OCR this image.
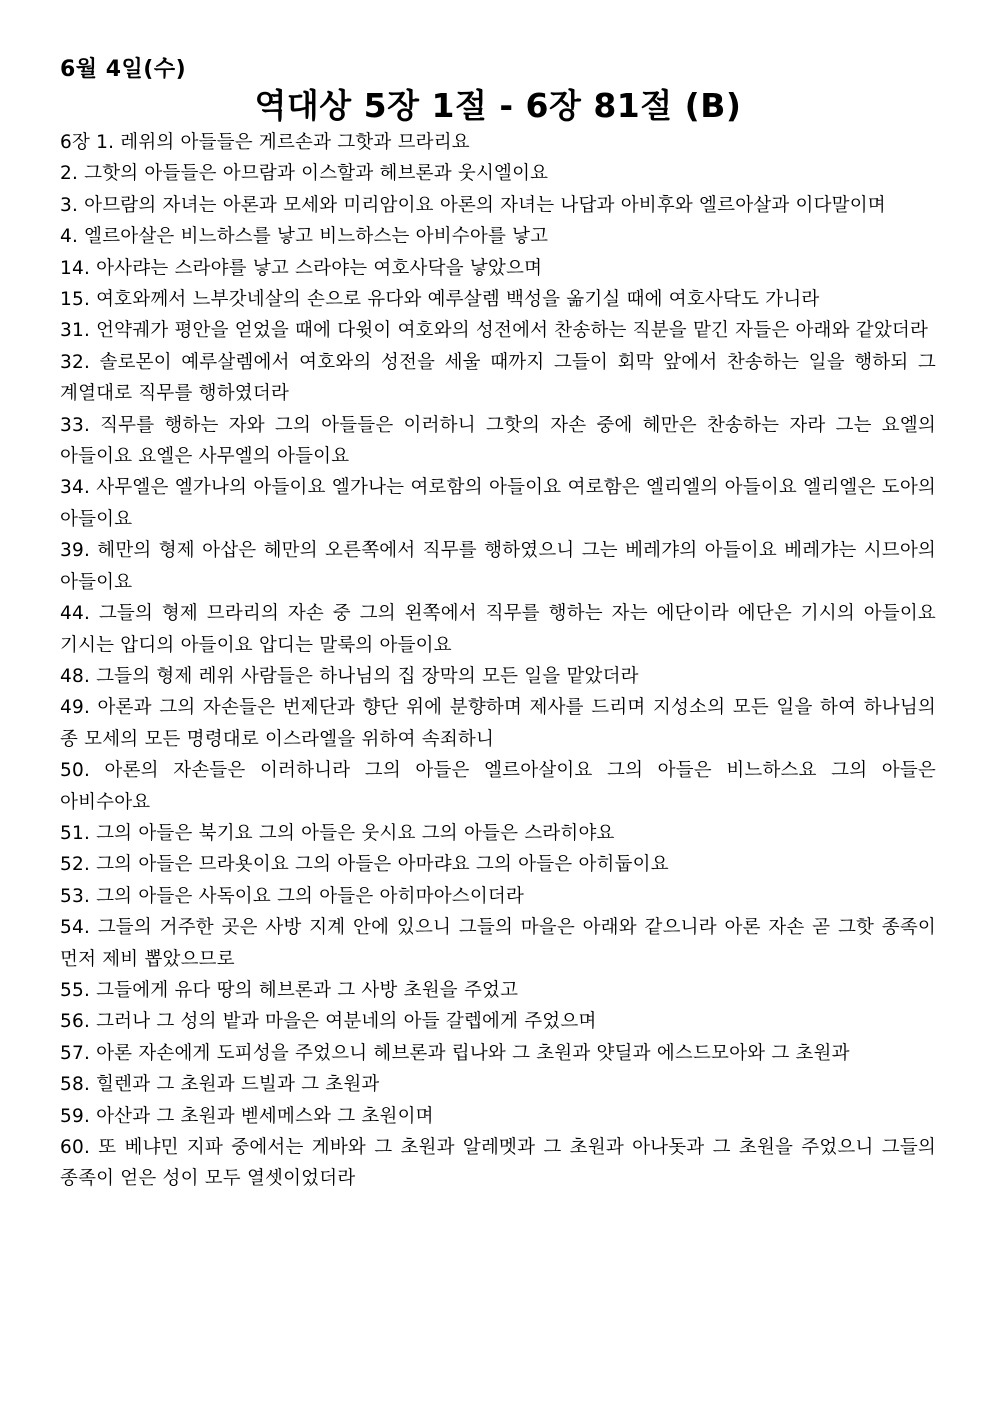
6월 4일(수)
역대상 5장 1절 - 6장 81절 (B)
6장 1. 레위의 아들들은 게르손과 그핫과 므라리요
2. 그핫의 아들들은 아므람과 이스할과 헤브론과 웃시엘이요
3. 아므람의 자녀는 아론과 모세와 미리암이요 아론의 자녀는 나답과 아비후와 엘르아살과 이다말이며
4. 엘르아살은 비느하스를 낳고 비느하스는 아비수아를 낳고
14. 아사랴는 스라야를 낳고 스라야는 여호사닥을 낳았으며
15. 여호와께서 느부갓네살의 손으로 유다와 예루살렘 백성을 옮기실 때에 여호사닥도 가니라
31. 언약궤가 평안을 얻었을 때에 다윗이 여호와의 성전에서 찬송하는 직분을 맡긴 자들은 아래와 같았더라
32. 솔로몬이 예루살렘에서 여호와의 성전을 세울 때까지 그들이 회막 앞에서 찬송하는 일을 행하되 그 계열대로 직무를 행하였더라
33. 직무를 행하는 자와 그의 아들들은 이러하니 그핫의 자손 중에 헤만은 찬송하는 자라 그는 요엘의 아들이요 요엘은 사무엘의 아들이요
34. 사무엘은 엘가나의 아들이요 엘가나는 여로함의 아들이요 여로함은 엘리엘의 아들이요 엘리엘은 도아의 아들이요
39. 헤만의 형제 아삽은 헤만의 오른쪽에서 직무를 행하였으니 그는 베레갸의 아들이요 베레갸는 시므아의 아들이요
44. 그들의 형제 므라리의 자손 중 그의 왼쪽에서 직무를 행하는 자는 에단이라 에단은 기시의 아들이요 기시는 압디의 아들이요 압디는 말룩의 아들이요
48. 그들의 형제 레위 사람들은 하나님의 집 장막의 모든 일을 맡았더라
49. 아론과 그의 자손들은 번제단과 향단 위에 분향하며 제사를 드리며 지성소의 모든 일을 하여 하나님의 종 모세의 모든 명령대로 이스라엘을 위하여 속죄하니
50. 아론의 자손들은 이러하니라 그의 아들은 엘르아살이요 그의 아들은 비느하스요 그의 아들은 아비수아요
51. 그의 아들은 북기요 그의 아들은 웃시요 그의 아들은 스라히야요
52. 그의 아들은 므라욧이요 그의 아들은 아마랴요 그의 아들은 아히둡이요
53. 그의 아들은 사독이요 그의 아들은 아히마아스이더라
54. 그들의 거주한 곳은 사방 지계 안에 있으니 그들의 마을은 아래와 같으니라 아론 자손 곧 그핫 종족이 먼저 제비 뽑았으므로
55. 그들에게 유다 땅의 헤브론과 그 사방 초원을 주었고
56. 그러나 그 성의 밭과 마을은 여분네의 아들 갈렙에게 주었으며
57. 아론 자손에게 도피성을 주었으니 헤브론과 립나와 그 초원과 얏딜과 에스드모아와 그 초원과
58. 힐렌과 그 초원과 드빌과 그 초원과
59. 아산과 그 초원과 벧세메스와 그 초원이며
60. 또 베냐민 지파 중에서는 게바와 그 초원과 알레멧과 그 초원과 아나돗과 그 초원을 주었으니 그들의 종족이 얻은 성이 모두 열셋이었더라
